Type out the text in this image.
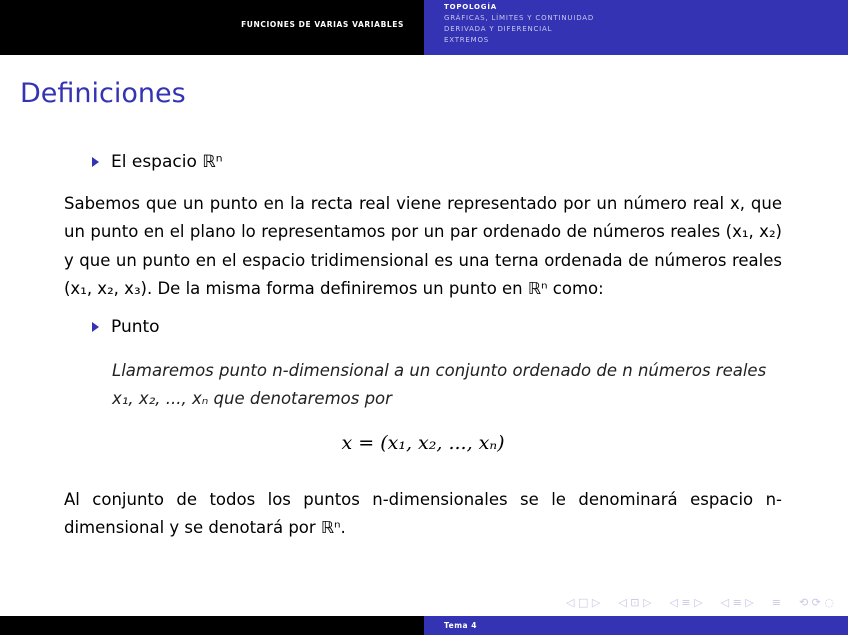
FUNCIONES DE VARIAS VARIABLES
TOPOLOGÍA
GRÁFICAS, LÍMITES Y CONTINUIDAD
DERIVADA Y DIFERENCIAL
EXTREMOS
Definiciones
El espacio ℝⁿ
Sabemos que un punto en la recta real viene representado por un número real x, que un punto en el plano lo representamos por un par ordenado de números reales (x₁, x₂) y que un punto en el espacio tridimensional es una terna ordenada de números reales (x₁, x₂, x₃). De la misma forma definiremos un punto en ℝⁿ como:
Punto
Llamaremos punto n-dimensional a un conjunto ordenado de n números reales x₁, x₂, ..., xₙ que denotaremos por
x = (x₁, x₂, ..., xₙ)
Al conjunto de todos los puntos n-dimensionales se le denominará espacio n-dimensional y se denotará por ℝⁿ.
◁ □ ▷ ◁ ⊡ ▷ ◁ ≡ ▷ ◁ ≡ ▷ ≡ ⟲ ⟳ ◌
Tema 4
